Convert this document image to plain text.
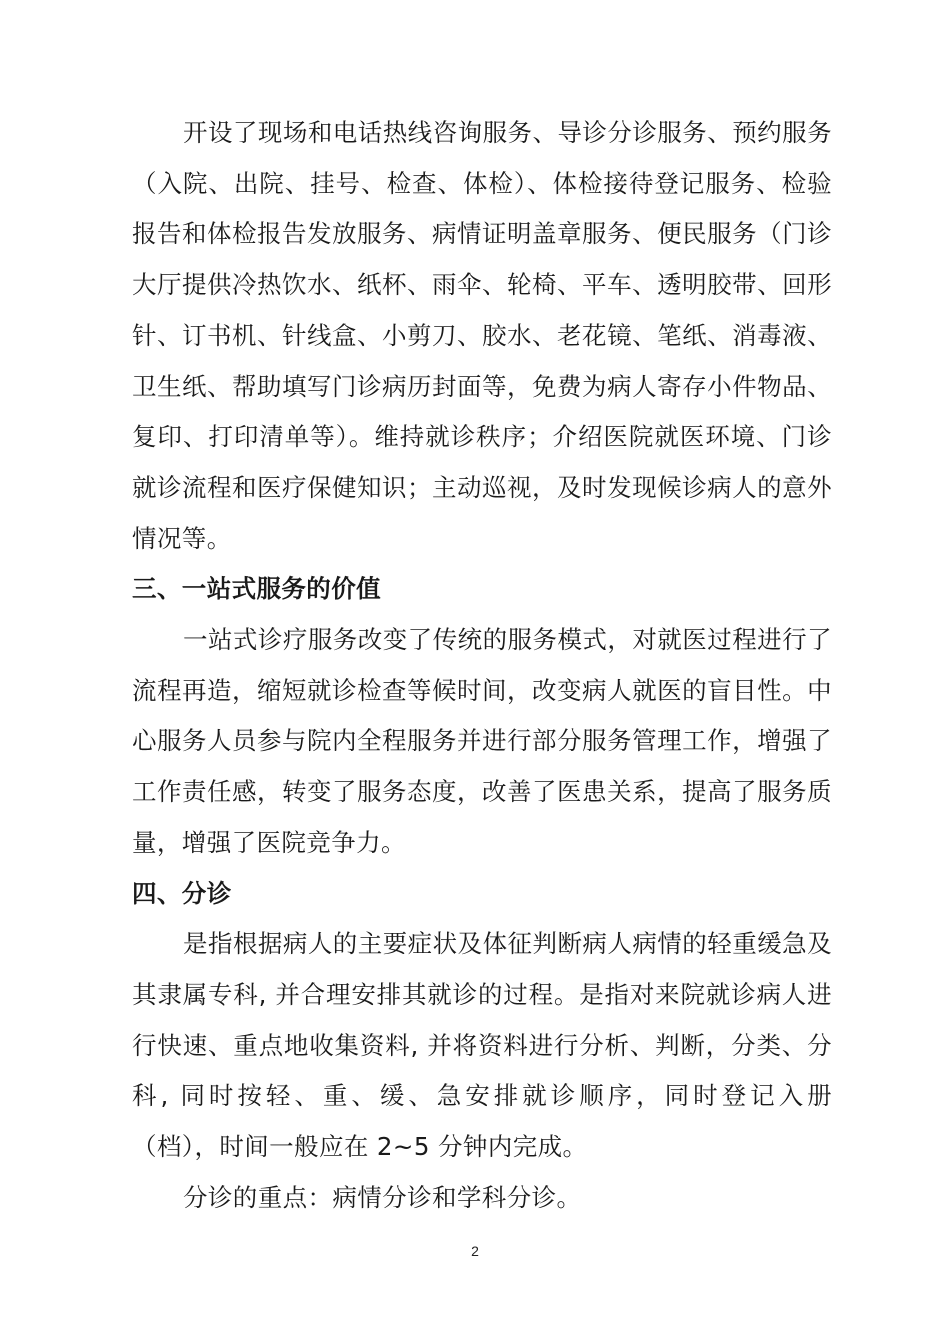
开设了现场和电话热线咨询服务、导诊分诊服务、预约服务（入院、出院、挂号、检查、体检）、体检接待登记服务、检验报告和体检报告发放服务、病情证明盖章服务、便民服务（门诊大厅提供冷热饮水、纸杯、雨伞、轮椅、平车、透明胶带、回形针、订书机、针线盒、小剪刀、胶水、老花镜、笔纸、消毒液、卫生纸、帮助填写门诊病历封面等，免费为病人寄存小件物品、复印、打印清单等）。维持就诊秩序；介绍医院就医环境、门诊就诊流程和医疗保健知识；主动巡视，及时发现候诊病人的意外情况等。

三、一站式服务的价值

一站式诊疗服务改变了传统的服务模式，对就医过程进行了流程再造，缩短就诊检查等候时间，改变病人就医的盲目性。中心服务人员参与院内全程服务并进行部分服务管理工作，增强了工作责任感，转变了服务态度，改善了医患关系，提高了服务质量，增强了医院竞争力。

四、分诊

是指根据病人的主要症状及体征判断病人病情的轻重缓急及其隶属专科, 并合理安排其就诊的过程。是指对来院就诊病人进行快速、重点地收集资料, 并将资料进行分析、判断，分类、分科, 同时按轻、重、缓、急安排就诊顺序，同时登记入册（档），时间一般应在 2~5 分钟内完成。

分诊的重点：病情分诊和学科分诊。

2
